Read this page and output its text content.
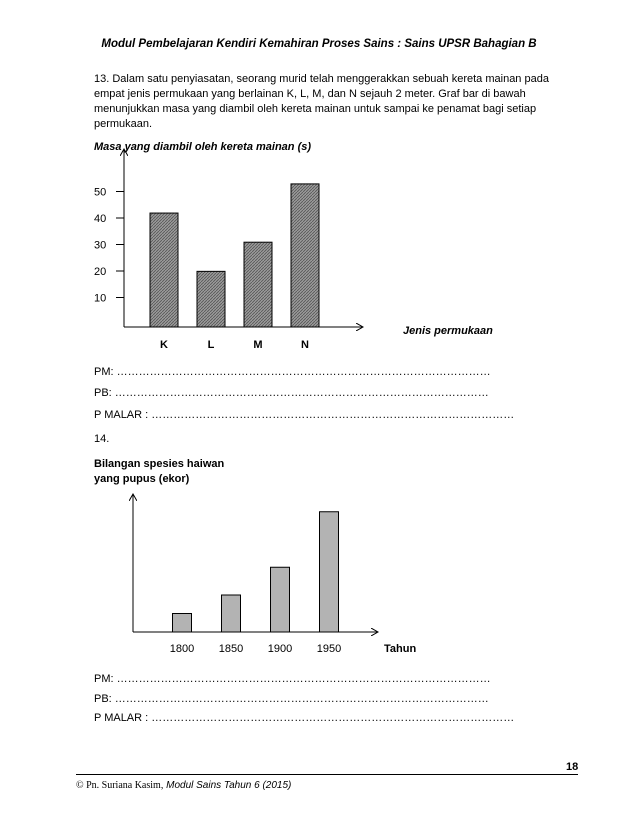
Modul Pembelajaran Kendiri Kemahiran Proses Sains : Sains UPSR Bahagian B
13. Dalam satu penyiasatan, seorang murid telah menggerakkan sebuah kereta mainan pada
empat jenis permukaan yang berlainan K, L, M, dan N sejauh 2 meter. Graf bar di bawah
menunjukkan masa yang diambil oleh kereta mainan untuk sampai ke penamat bagi setiap
permukaan.
Masa yang diambil oleh kereta mainan (s)
10
20
30
40
50
K	L	M	N
Jenis permukaan
1800 1850 1900 1950	Tahun
PM: …………………………………………………………………………………………
PB: …………………………………………………………………………………………
P MALAR : ………………………………………………………………………………………
14.
Bilangan spesies haiwan
yang pupus (ekor)
PM: …………………………………………………………………………………………
PB: …………………………………………………………………………………………
P MALAR : ………………………………………………………………………………………
18
© Pn. Suriana Kasim, Modul Sains Tahun 6 (2015)
